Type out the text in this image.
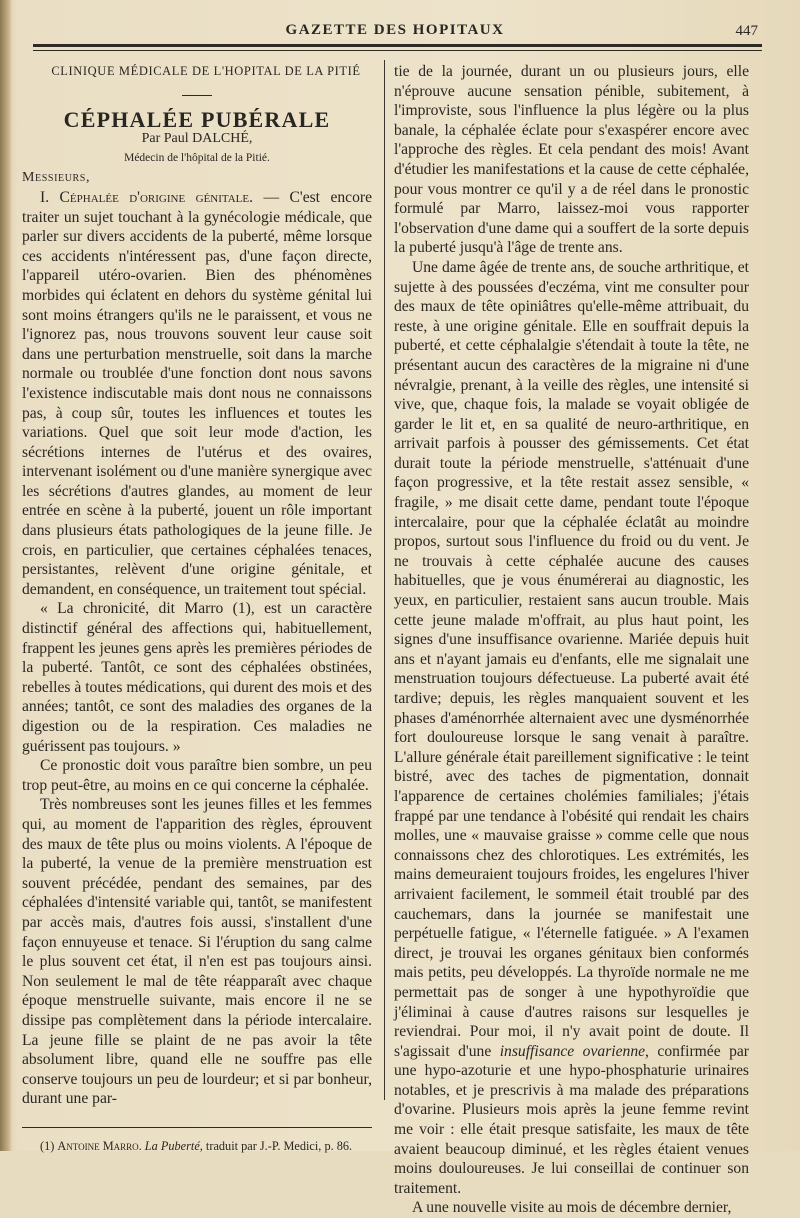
GAZETTE DES HOPITAUX	447

CLINIQUE MÉDICALE DE L'HOPITAL DE LA PITIÉ

CÉPHALÉE PUBÉRALE

Par Paul DALCHÉ,

Médecin de l'hôpital de la Pitié.

Messieurs,

I. Céphalée d'origine génitale. — C'est encore traiter un sujet touchant à la gynécologie médicale, que parler sur divers accidents de la puberté, même lorsque ces accidents n'intéressent pas, d'une façon directe, l'appareil utéro-ovarien. Bien des phénomènes morbides qui éclatent en dehors du système génital lui sont moins étrangers qu'ils ne le paraissent, et vous ne l'ignorez pas, nous trouvons souvent leur cause soit dans une perturbation menstruelle, soit dans la marche normale ou troublée d'une fonction dont nous savons l'existence indiscutable mais dont nous ne connaissons pas, à coup sûr, toutes les influences et toutes les variations. Quel que soit leur mode d'action, les sécrétions internes de l'utérus et des ovaires, intervenant isolément ou d'une manière synergique avec les sécrétions d'autres glandes, au moment de leur entrée en scène à la puberté, jouent un rôle important dans plusieurs états pathologiques de la jeune fille. Je crois, en particulier, que certaines céphalées tenaces, persistantes, relèvent d'une origine génitale, et demandent, en conséquence, un traitement tout spécial.

« La chronicité, dit Marro (1), est un caractère distinctif général des affections qui, habituellement, frappent les jeunes gens après les premières périodes de la puberté. Tantôt, ce sont des céphalées obstinées, rebelles à toutes médications, qui durent des mois et des années; tantôt, ce sont des maladies des organes de la digestion ou de la respiration. Ces maladies ne guérissent pas toujours. »

Ce pronostic doit vous paraître bien sombre, un peu trop peut-être, au moins en ce qui concerne la céphalée.

Très nombreuses sont les jeunes filles et les femmes qui, au moment de l'apparition des règles, éprouvent des maux de tête plus ou moins violents. A l'époque de la puberté, la venue de la première menstruation est souvent précédée, pendant des semaines, par des céphalées d'intensité variable qui, tantôt, se manifestent par accès mais, d'autres fois aussi, s'installent d'une façon ennuyeuse et tenace. Si l'éruption du sang calme le plus souvent cet état, il n'en est pas toujours ainsi. Non seulement le mal de tête réapparaît avec chaque époque menstruelle suivante, mais encore il ne se dissipe pas complètement dans la période intercalaire. La jeune fille se plaint de ne pas avoir la tête absolument libre, quand elle ne souffre pas elle conserve toujours un peu de lourdeur; et si par bonheur, durant une par-

(1) Antoine Marro. La Puberté, traduit par J.-P. Medici, p. 86.

tie de la journée, durant un ou plusieurs jours, elle n'éprouve aucune sensation pénible, subitement, à l'improviste, sous l'influence la plus légère ou la plus banale, la céphalée éclate pour s'exaspérer encore avec l'approche des règles. Et cela pendant des mois! Avant d'étudier les manifestations et la cause de cette céphalée, pour vous montrer ce qu'il y a de réel dans le pronostic formulé par Marro, laissez-moi vous rapporter l'observation d'une dame qui a souffert de la sorte depuis la puberté jusqu'à l'âge de trente ans.

Une dame âgée de trente ans, de souche arthritique, et sujette à des poussées d'eczéma, vint me consulter pour des maux de tête opiniâtres qu'elle-même attribuait, du reste, à une origine génitale. Elle en souffrait depuis la puberté, et cette céphalalgie s'étendait à toute la tête, ne présentant aucun des caractères de la migraine ni d'une névralgie, prenant, à la veille des règles, une intensité si vive, que, chaque fois, la malade se voyait obligée de garder le lit et, en sa qualité de neuro-arthritique, en arrivait parfois à pousser des gémissements. Cet état durait toute la période menstruelle, s'atténuait d'une façon progressive, et la tête restait assez sensible, « fragile, » me disait cette dame, pendant toute l'époque intercalaire, pour que la céphalée éclatât au moindre propos, surtout sous l'influence du froid ou du vent. Je ne trouvais à cette céphalée aucune des causes habituelles, que je vous énumérerai au diagnostic, les yeux, en particulier, restaient sans aucun trouble. Mais cette jeune malade m'offrait, au plus haut point, les signes d'une insuffisance ovarienne. Mariée depuis huit ans et n'ayant jamais eu d'enfants, elle me signalait une menstruation toujours défectueuse. La puberté avait été tardive; depuis, les règles manquaient souvent et les phases d'aménorrhée alternaient avec une dysménorrhée fort douloureuse lorsque le sang venait à paraître. L'allure générale était pareillement significative : le teint bistré, avec des taches de pigmentation, donnait l'apparence de certaines cholémies familiales; j'étais frappé par une tendance à l'obésité qui rendait les chairs molles, une « mauvaise graisse » comme celle que nous connaissons chez des chlorotiques. Les extrémités, les mains demeuraient toujours froides, les engelures l'hiver arrivaient facilement, le sommeil était troublé par des cauchemars, dans la journée se manifestait une perpétuelle fatigue, « l'éternelle fatiguée. » A l'examen direct, je trouvai les organes génitaux bien conformés mais petits, peu développés. La thyroïde normale ne me permettait pas de songer à une hypothyroïdie que j'éliminai à cause d'autres raisons sur lesquelles je reviendrai. Pour moi, il n'y avait point de doute. Il s'agissait d'une insuffisance ovarienne, confirmée par une hypo-azoturie et une hypo-phosphaturie urinaires notables, et je prescrivis à ma malade des préparations d'ovarine. Plusieurs mois après la jeune femme revint me voir : elle était presque satisfaite, les maux de tête avaient beaucoup diminué, et les règles étaient venues moins douloureuses. Je lui conseillai de continuer son traitement.

A une nouvelle visite au mois de décembre dernier,
